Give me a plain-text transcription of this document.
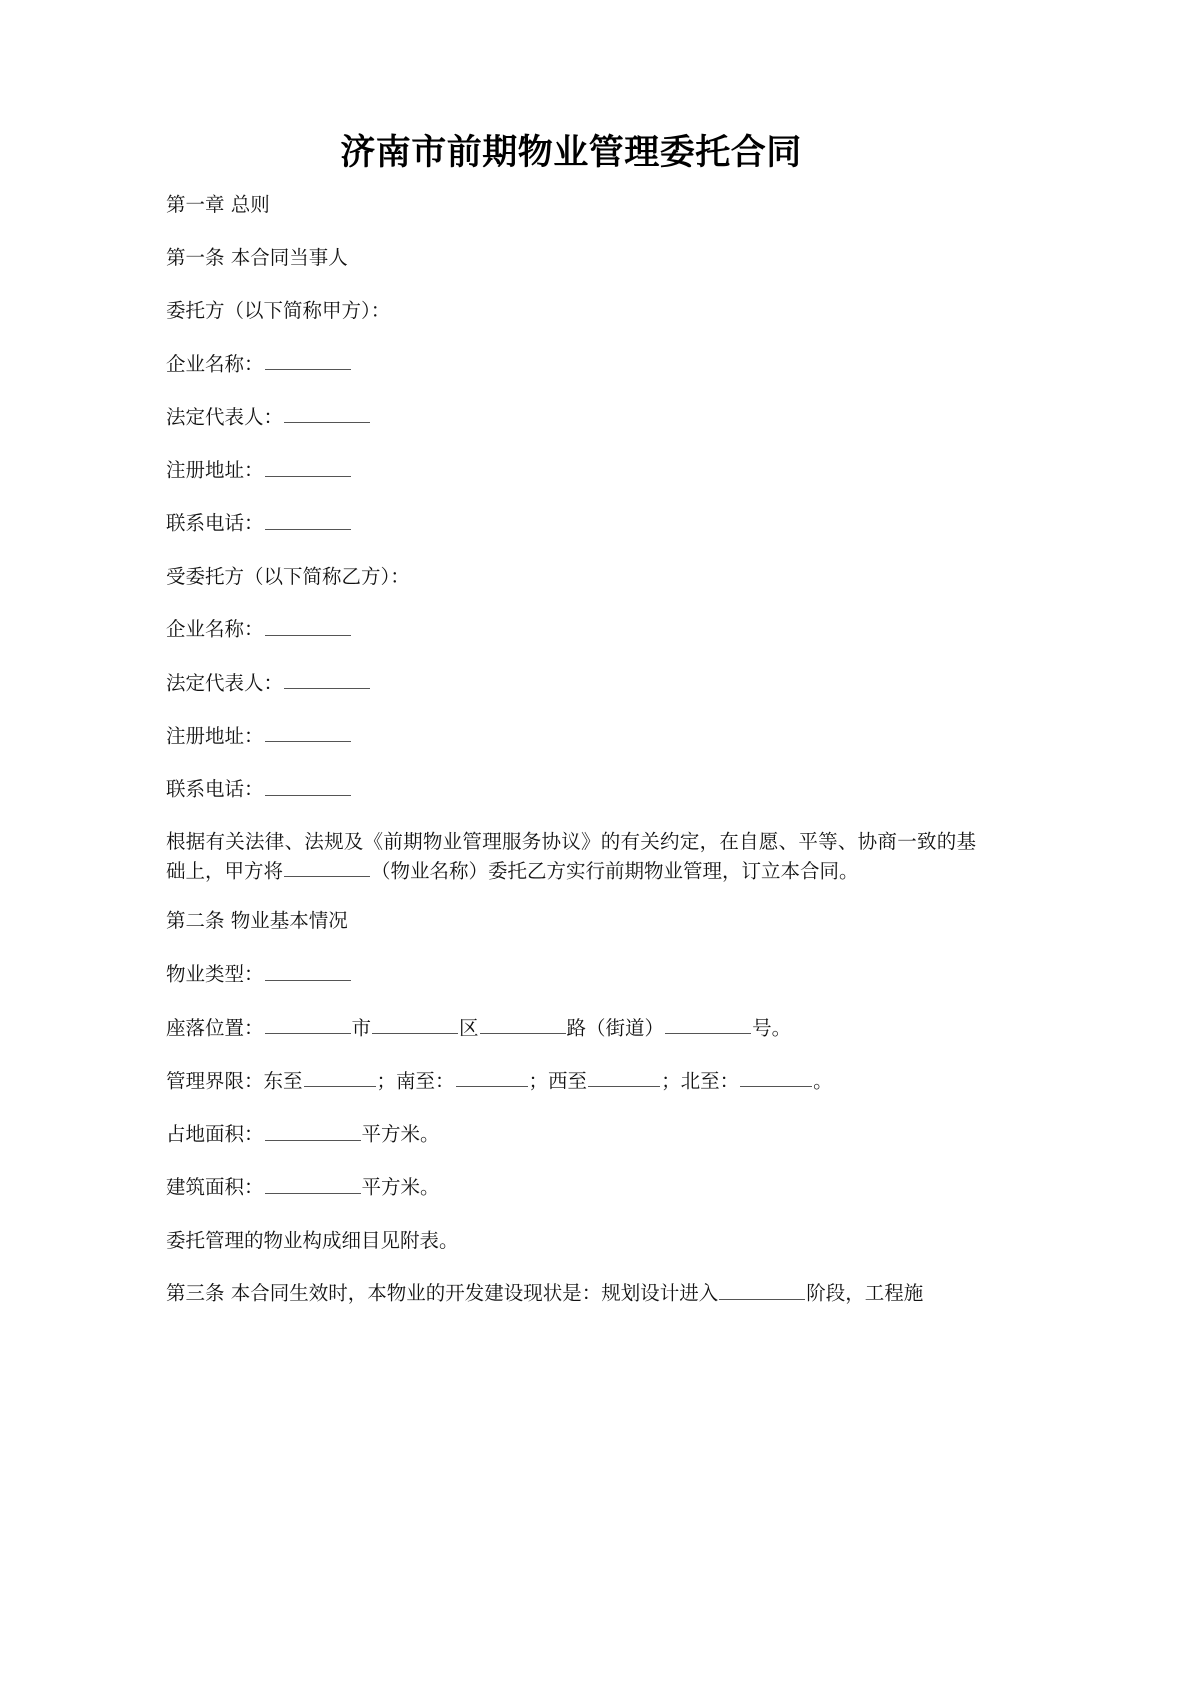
济南市前期物业管理委托合同

第一章 总则

第一条 本合同当事人

委托方（以下简称甲方）：

企业名称：

法定代表人：

注册地址：

联系电话：

受委托方（以下简称乙方）：

企业名称：

法定代表人：

注册地址：

联系电话：

根据有关法律、法规及《前期物业管理服务协议》的有关约定，在自愿、平等、协商一致的基础上，甲方将	（物业名称）委托乙方实行前期物业管理，订立本合同。

第二条 物业基本情况

物业类型：

座落位置：	市	区	路（街道）	号。

管理界限：东至	；南至：	；西至	；北至：	。

占地面积：	平方米。

建筑面积：	平方米。

委托管理的物业构成细目见附表。

第三条 本合同生效时，本物业的开发建设现状是：规划设计进入	阶段，工程施
